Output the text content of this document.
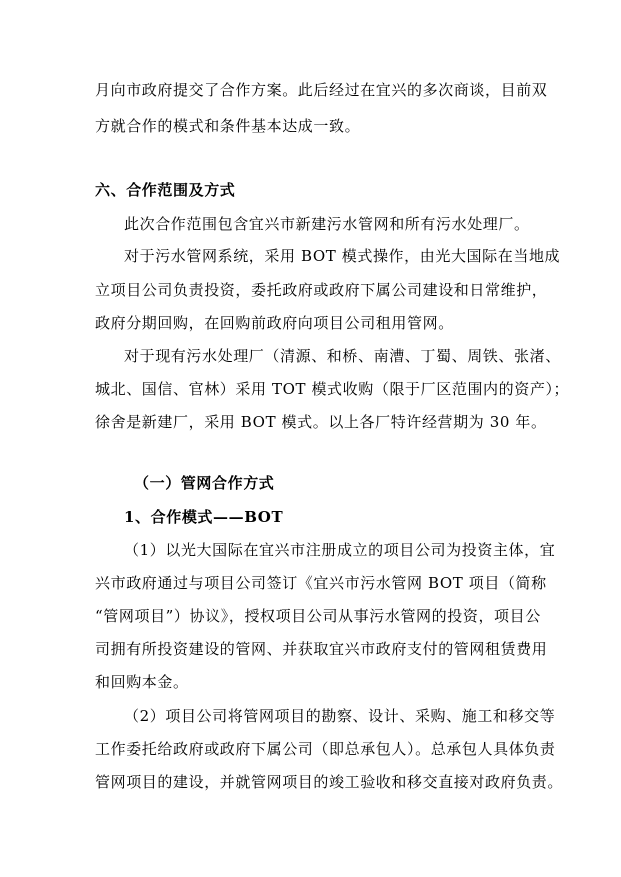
月向市政府提交了合作方案。此后经过在宜兴的多次商谈，目前双
方就合作的模式和条件基本达成一致。
六、合作范围及方式
此次合作范围包含宜兴市新建污水管网和所有污水处理厂。
对于污水管网系统，采用 BOT 模式操作，由光大国际在当地成
立项目公司负责投资，委托政府或政府下属公司建设和日常维护，
政府分期回购，在回购前政府向项目公司租用管网。
对于现有污水处理厂（清源、和桥、南漕、丁蜀、周铁、张渚、
城北、国信、官林）采用 TOT 模式收购（限于厂区范围内的资产）；
徐舍是新建厂，采用 BOT 模式。以上各厂特许经营期为 30 年。
（一）管网合作方式
1、合作模式——BOT
（1）以光大国际在宜兴市注册成立的项目公司为投资主体，宜
兴市政府通过与项目公司签订《宜兴市污水管网 BOT 项目（简称
“管网项目”）协议》，授权项目公司从事污水管网的投资，项目公
司拥有所投资建设的管网、并获取宜兴市政府支付的管网租赁费用
和回购本金。
（2）项目公司将管网项目的勘察、设计、采购、施工和移交等
工作委托给政府或政府下属公司（即总承包人）。总承包人具体负责
管网项目的建设，并就管网项目的竣工验收和移交直接对政府负责。
